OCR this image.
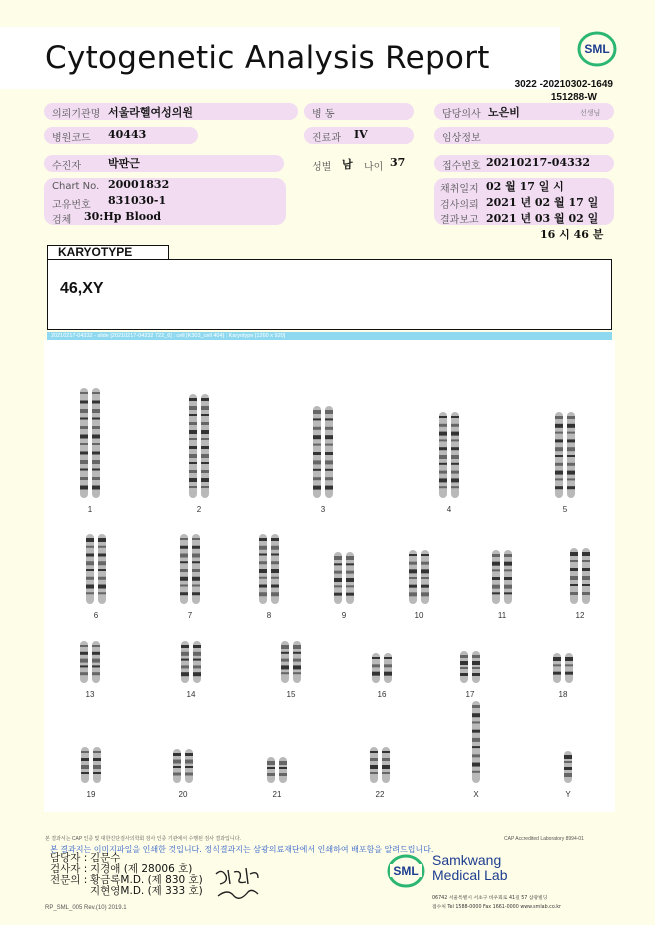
Cytogenetic Analysis Report	SML
3022 -20210302-1649
151288-W
의뢰기관명 서울라헬여성의원	병 동	담당의사 노은비	선생님
병원코드	40443	진료과	IV	임상정보
수진자	박판근	성별 남 나이 37	접수번호 20210217-04332
Chart No. 20001832
고유번호 831030-1
검체 30:Hp Blood
채취일지 02 월 17 일 시
검사의뢰 2021 년 02 월 17 일
결과보고 2021 년 03 월 02 일
16 시 46 분
KARYOTYPE
46,XY
20210217-04332 - slide [20210217-04332 722_6] : cell [K303_cell 404] : Karyotype [1260 x 920]
1	2	3	4	5
6	7	8	9	10	11	12
13	14	15	16	17	18
19	20	21	22	X	Y
본 결과서는 CAP 인증 및 대한진단검사의학회 검사 인증 기관에서 수행된 검사 결과입니다.	CAP Accredited Laboratory 8994-01
본 결과지는 이미지파일을 인쇄한 것입니다. 정식결과지는 삼광의료재단에서 인쇄하여 배포함을 알려드립니다.
담당자 : 김문수
검사자 : 지경애 (제 28006 호)
전문의 : 황금록M.D. (제 830 호)
지현영M.D. (제 333 호)
RP_SML_005 Rev.(10) 2019.1
SML
Samkwang
Medical Lab
06742 서울특별시 서초구 바우뫼로 41길 57 삼광빌딩
접수처 Tel 1588-0000 Fax 1661-0000 www.smlab.co.kr
